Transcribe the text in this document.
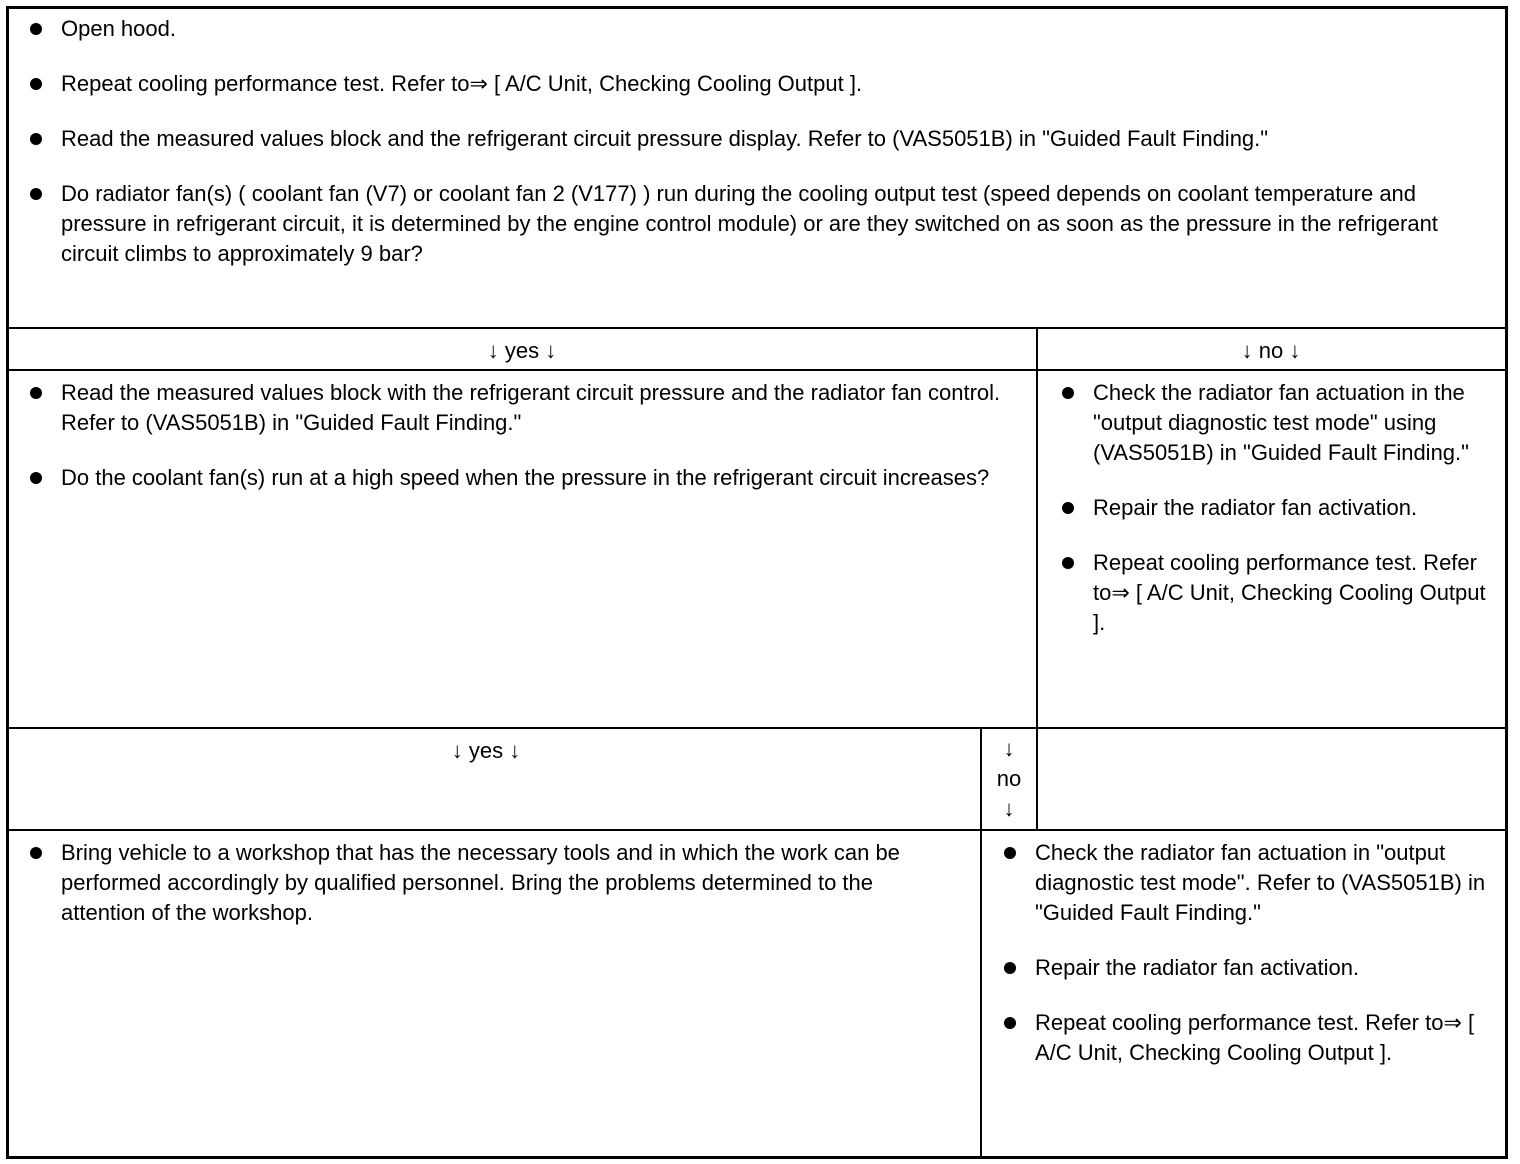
Open hood.
Repeat cooling performance test. Refer to⇒ [ A/C Unit, Checking Cooling Output ].
Read the measured values block and the refrigerant circuit pressure display. Refer to (VAS5051B) in "Guided Fault Finding."
Do radiator fan(s) ( coolant fan (V7) or coolant fan 2 (V177) ) run during the cooling output test (speed depends on coolant temperature and pressure in refrigerant circuit, it is determined by the engine control module) or are they switched on as soon as the pressure in the refrigerant circuit climbs to approximately 9 bar?
↓ yes ↓	↓ no ↓
Read the measured values block with the refrigerant circuit pressure and the radiator fan control. Refer to (VAS5051B) in "Guided Fault Finding."
Do the coolant fan(s) run at a high speed when the pressure in the refrigerant circuit increases?
Check the radiator fan actuation in the "output diagnostic test mode" using (VAS5051B) in "Guided Fault Finding."
Repair the radiator fan activation.
Repeat cooling performance test. Refer to⇒ [ A/C Unit, Checking Cooling Output ].
↓ yes ↓	↓
no
↓
Bring vehicle to a workshop that has the necessary tools and in which the work can be performed accordingly by qualified personnel. Bring the problems determined to the attention of the workshop.
Check the radiator fan actuation in "output diagnostic test mode". Refer to (VAS5051B) in "Guided Fault Finding."
Repair the radiator fan activation.
Repeat cooling performance test. Refer to⇒ [ A/C Unit, Checking Cooling Output ].
